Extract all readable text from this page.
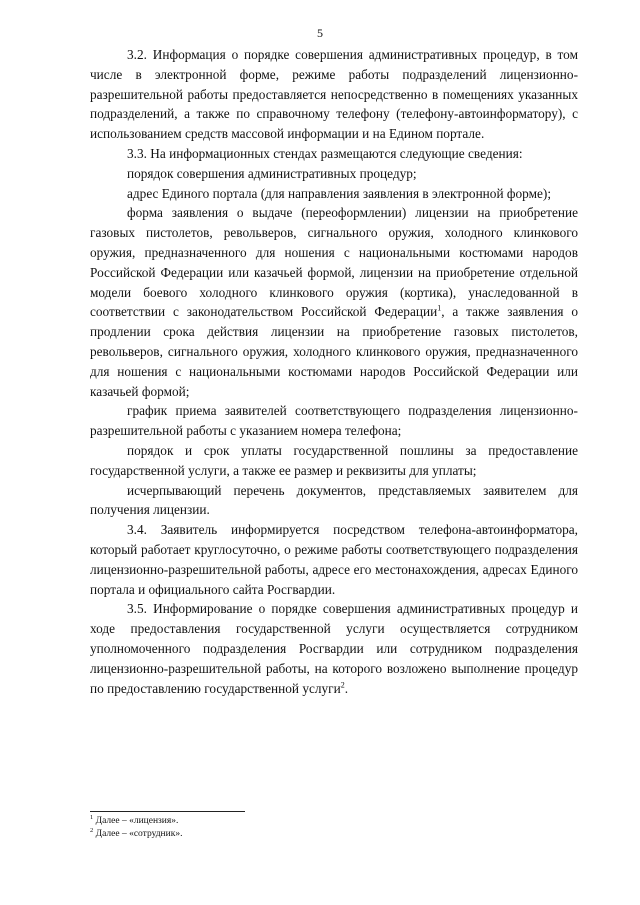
5

3.2. Информация о порядке совершения административных процедур, в том числе в электронной форме, режиме работы подразделений лицензионно-разрешительной работы предоставляется непосредственно в помещениях указанных подразделений, а также по справочному телефону (телефону-автоинформатору), с использованием средств массовой информации и на Едином портале.

3.3. На информационных стендах размещаются следующие сведения:

порядок совершения административных процедур;

адрес Единого портала (для направления заявления в электронной форме);

форма заявления о выдаче (переоформлении) лицензии на приобретение газовых пистолетов, револьверов, сигнального оружия, холодного клинкового оружия, предназначенного для ношения с национальными костюмами народов Российской Федерации или казачьей формой, лицензии на приобретение отдельной модели боевого холодного клинкового оружия (кортика), унаследованной в соответствии с законодательством Российской Федерации$^1$, а также заявления о продлении срока действия лицензии на приобретение газовых пистолетов, револьверов, сигнального оружия, холодного клинкового оружия, предназначенного для ношения с национальными костюмами народов Российской Федерации или казачьей формой;

график приема заявителей соответствующего подразделения лицензионно-разрешительной работы с указанием номера телефона;

порядок и срок уплаты государственной пошлины за предоставление государственной услуги, а также ее размер и реквизиты для уплаты;

исчерпывающий перечень документов, представляемых заявителем для получения лицензии.

3.4. Заявитель информируется посредством телефона-автоинформатора, который работает круглосуточно, о режиме работы соответствующего подразделения лицензионно-разрешительной работы, адресе его местонахождения, адресах Единого портала и официального сайта Росгвардии.

3.5. Информирование о порядке совершения административных процедур и ходе предоставления государственной услуги осуществляется сотрудником уполномоченного подразделения Росгвардии или сотрудником подразделения лицензионно-разрешительной работы, на которого возложено выполнение процедур по предоставлению государственной услуги$^2$.

$^1$ Далее – «лицензия».
$^2$ Далее – «сотрудник».
